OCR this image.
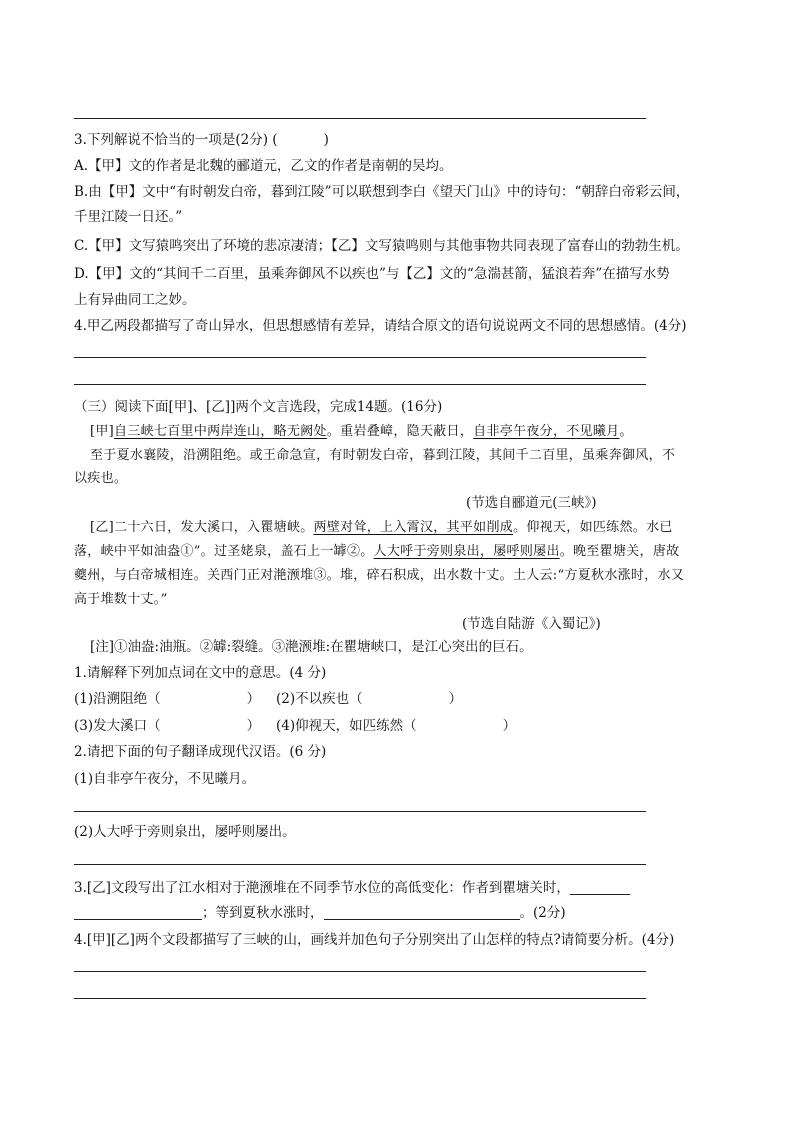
3.下列解说不恰当的一项是(2分) (	)
A.【甲】文的作者是北魏的郦道元，乙文的作者是南朝的吴均。
B.由【甲】文中“有时朝发白帝，暮到江陵”可以联想到李白《望天门山》中的诗句：“朝辞白帝彩云间，
千里江陵一日还。”
C.【甲】文写猿鸣突出了环境的悲凉凄清；【乙】文写猿鸣则与其他事物共同表现了富春山的勃勃生机。
D.【甲】文的“其间千二百里，虽乘奔御风不以疾也”与【乙】文的“急湍甚箭，猛浪若奔”在描写水势
上有异曲同工之妙。
4.甲乙两段都描写了奇山异水，但思想感情有差异，请结合原文的语句说说两文不同的思想感情。(4分)
（三）阅读下面[甲]、[乙]]两个文言选段，完成14题。(16分)
[甲]自三峡七百里中两岸连山，略无阙处。重岩叠嶂，隐天蔽日，自非亭午夜分，不见曦月。
至于夏水襄陵，沿溯阻绝。或王命急宣，有时朝发白帝，暮到江陵，其间千二百里，虽乘奔御风，不
以疾也。
(节选自郦道元(三峡》)
[乙]二十六日，发大溪口，入瞿塘峡。两壁对耸，上入霄汉，其平如削成。仰视天，如匹练然。水已
落，峡中平如油盎①”。过圣姥泉，盖石上一罅②。人大呼于旁则泉出，屡呼则屡出。晚至瞿塘关，唐故
夔州，与白帝城相连。关西门正对滟滪堆③。堆，碎石积成，出水数十丈。土人云:“方夏秋水涨时，水又
高于堆数十丈。”
(节选自陆游《入蜀记》)
[注]①油盎:油瓶。②罅:裂缝。③滟滪堆:在瞿塘峡口，是江心突出的巨石。
1.请解释下列加点词在文中的意思。(4 分)
(1)沿溯阻绝（	） (2)不以疾也（	）
(3)发大溪口（	） (4)仰视天，如匹练然（	）
2.请把下面的句子翻译成现代汉语。(6 分)
(1)自非亭午夜分，不见曦月。
(2)人大呼于旁则泉出，屡呼则屡出。
3.[乙]文段写出了江水相对于滟滪堆在不同季节水位的高低变化：作者到瞿塘关时，
；等到夏秋水涨时，	。(2分)
4.[甲][乙]两个文段都描写了三峡的山，画线并加色句子分别突出了山怎样的特点?请简要分析。(4分)
